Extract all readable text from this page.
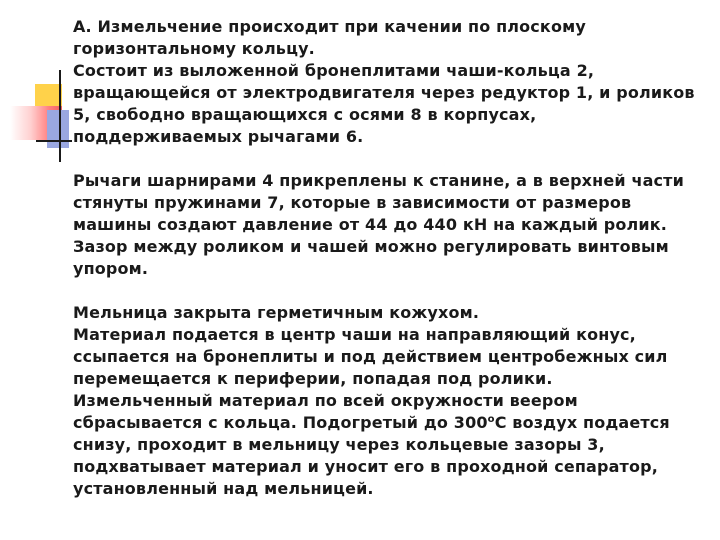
А. Измельчение происходит при качении по плоскому
горизонтальному кольцу.
Состоит из выложенной бронеплитами чаши-кольца 2,
вращающейся от электродвигателя через редуктор 1, и роликов
5, свободно вращающихся с осями 8 в корпусах,
поддерживаемых рычагами 6.

Рычаги шарнирами 4 прикреплены к станине, а в верхней части
стянуты пружинами 7, которые в зависимости от размеров
машины создают давление от 44 до 440 кН на каждый ролик.
Зазор между роликом и чашей можно регулировать винтовым
упором.

Мельница закрыта герметичным кожухом.
Материал подается в центр чаши на направляющий конус,
ссыпается на бронеплиты и под действием центробежных сил
перемещается к периферии, попадая под ролики.
Измельченный материал по всей окружности веером
сбрасывается с кольца. Подогретый до $300^оС$ воздух подается
снизу, проходит в мельницу через кольцевые зазоры 3,
подхватывает материал и уносит его в проходной сепаратор,
установленный над мельницей.
